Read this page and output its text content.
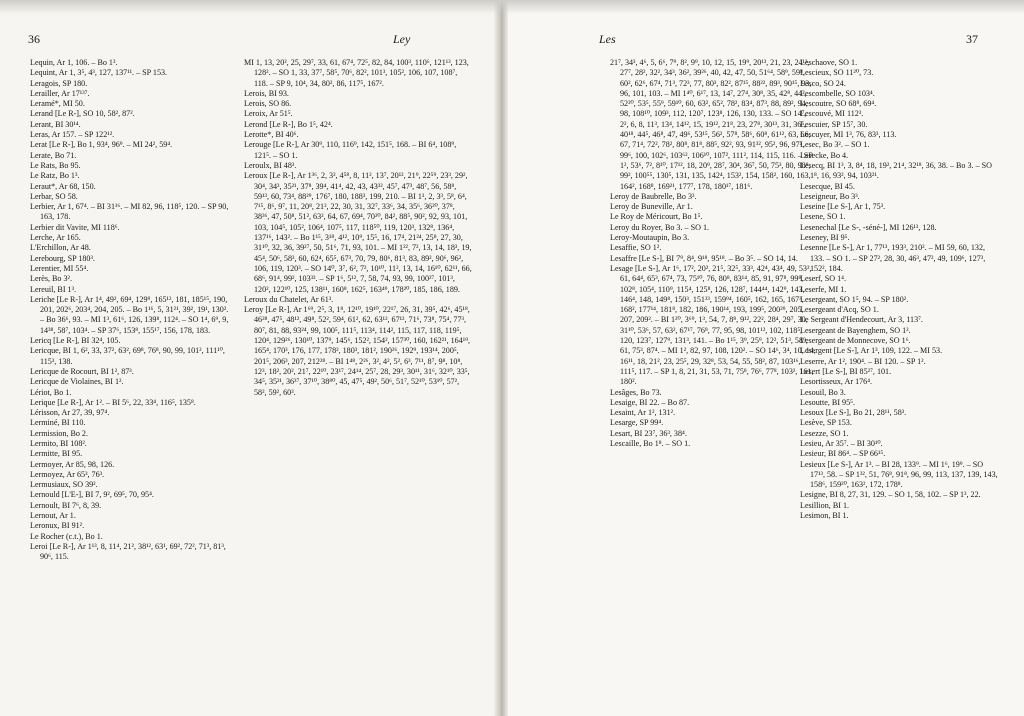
36	Ley
Lequin, Ar 1, 106. – Bo 1³.
Lequint, Ar 1, 3⁵, 4³, 127, 137¹¹. – SP 153.
Leragois, SP 180.
Lerailler, Ar 17¹³⁷.
Leramé*, MI 50.
Lerand [Le R-], SO 10, 58², 87².
Lerant, BI 30¹⁴.
Leras, Ar 157. – SP 122¹².
Lerat [Le R-], Bo 1, 93⁴, 96⁹. – MI 24², 59⁴.
Lerate, Bo 71.
Le Rats, Bo 95.
Le Ratz, Bo 1³.
Leraut*, Ar 68, 150.
Lerbar, SO 58.
Lerbier, Ar 1, 67⁴. – BI 31¹⁶. – MI 82, 96, 118⁵, 120. – SP 90, 163, 178.
Lerbier dit Vavite, MI 118⁶.
Lerche, Ar 165.
L'Erchillon, Ar 48.
Lerebourg, SP 180³.
Lerentier, MI 55⁴.
Lerès, Bo 3².
Lereuil, BI 1³.
Leriche [Le R-], Ar 1⁴, 49², 69⁴, 129⁹, 165¹², 181, 185¹⁵, 190, 201, 202⁶, 203⁴, 204, 205. – Bo 1¹⁶, 5, 31²¹, 39², 19¹, 130². – Bo 36⁶, 93. – MI 1³, 61⁶, 126, 139⁸, 112⁴. – SO 1⁴, 6⁹, 9, 14³⁸, 58⁷, 103⁴. – SP 37⁶, 153⁸, 155¹⁷, 156, 178, 183.
Lericq [Le R-], BI 32⁴, 105.
Lericque, BI 1, 6², 33, 37², 63², 69⁸, 76⁸, 90, 99, 101², 111¹⁰, 115³, 138.
Lericque de Rocourt, BI 1², 87³.
Lericque de Violaines, BI 1².
Lériot, Bo 1.
Lerique [Le R-], Ar 1². – BI 5⁶, 22, 33⁴, 116⁵, 135⁸.
Lérisson, Ar 27, 39, 97⁴.
Lerminé, BI 110.
Lermission, Bo 2.
Lermito, BI 108².
Lermitte, BI 95.
Lermoyer, Ar 85, 98, 126.
Lermoyez, Ar 65³, 76³.
Lermusiaux, SO 39².
Lernould [L'E-], BI 7, 9², 69⁵, 70, 95⁴.
Lernoult, BI 7⁶, 8, 39.
Lernout, Ar 1.
Leronux, BI 91².
Le Rocher (c.t.), Bo 1.
Leroi [Le R-], Ar 1¹³, 8, 11⁴, 21², 38¹², 63¹, 69², 72², 71³, 81³, 90⁶, 115.
MI 1, 13, 20², 25, 29⁷, 33, 61, 67⁴, 72⁵, 82, 84, 100³, 110⁶, 121¹³, 123, 128². – SO 1, 33, 37⁷, 58⁵, 70⁶, 82², 101³, 105², 106, 107, 108⁷, 118. – SP 9, 10⁴, 34, 80², 86, 117⁵, 167².
Lerois, BI 93.
Lerois, SO 86.
Leroix, Ar 51⁵.
Lerond [Le R-], Bo 1⁵, 42⁴.
Lerotte*, BI 40⁶.
Lerouge [Le R-], Ar 30⁹, 110, 116⁹, 142, 151⁵, 168. – BI 6⁴, 108⁹, 121⁵. – SO 1.
Leroulx, BI 48³.
Leroux [Le R-], Ar 1³⁶, 2, 3², 4⁵⁸, 8, 11², 13⁷, 20¹², 21⁹, 22⁵⁹, 23³, 29², 30⁴, 34³, 35²¹, 37⁸, 39⁴, 41⁴, 42, 43, 43³², 45⁷, 47³, 48⁷, 56, 58⁸, 59¹³, 60, 73⁴, 88²⁹, 176⁷, 180, 188³, 199, 210. – BI 1³, 2, 3³, 5⁸, 6⁴, 7¹⁵, 8⁶, 9⁷, 11, 20⁸, 21², 22, 30, 31, 32⁷, 33⁶, 34, 35⁶, 36²⁰, 37⁸, 38³⁶, 47, 50⁸, 51², 63², 64, 67, 69⁴, 70²⁰, 84², 88⁵, 90², 92, 93, 101, 103, 104⁵, 105², 106⁴, 107⁵, 117, 118⁵⁰, 119, 120³, 132⁸, 136⁴, 137¹⁶, 143². – Bo 1¹⁵, 3¹⁸, 4¹², 10⁹, 15⁵, 16, 17⁴, 21²⁴, 25⁸, 27, 30, 31¹⁰, 32, 36, 39²⁷, 50, 51⁶, 71, 93, 101. – MI 1²², 7², 13, 14, 18³, 19, 45⁴, 50⁶, 58³, 60, 62⁴, 65⁵, 67³, 70, 79, 80⁶, 81³, 83, 89², 90⁶, 96², 106, 119, 120³. – SO 14⁰, 3⁷, 6², 7², 10¹⁰, 11², 13, 14, 16¹⁰, 62¹¹, 66, 68⁶, 91⁴, 99², 103³³. – SP 1⁶, 5¹², 7, 58, 74, 93, 99, 100²⁷, 101³, 120², 122¹⁰, 125, 138¹¹, 160⁸, 162⁵, 163⁴⁹, 178²⁰, 185, 186, 189.
Leroux du Chatelet, Ar 61³.
Leroy [Le R-], Ar 1⁶⁹, 2⁵, 3, 1⁸, 12¹⁰, 19¹⁰, 22¹⁷, 26, 31, 39⁵, 42⁶, 45¹⁸, 46²⁸, 47⁵, 48¹², 49⁸, 52², 59⁴, 61², 62, 63¹², 67¹², 71⁶, 73⁸, 75⁴, 77³, 80⁷, 81, 88, 93²⁴, 99, 100⁵, 111⁵, 113⁴, 114², 115, 117, 118, 119⁵, 120⁴, 129²⁶, 130¹⁰, 137⁹, 145⁶, 152², 154², 157³⁰, 160, 162²¹, 164¹⁹, 165⁴, 170³, 176, 177, 178², 180³, 181², 190²⁶, 192⁹, 193¹⁴, 200⁵, 201⁵, 206³, 207, 212²⁸. – BI 1⁴⁸, 2²⁶, 3², 4², 5², 6³, 7¹¹, 8⁷, 9⁸, 10⁸, 12³, 18², 20², 21⁷, 22¹⁰, 23¹⁷, 24¹⁴, 25⁷, 28, 29³, 30¹¹, 31⁶, 32¹⁰, 33⁵, 34⁵, 35²¹, 36³⁷, 37¹⁰, 38⁸⁰, 45, 47⁵, 49², 50⁶, 51⁷, 52¹⁰, 53¹⁰, 57², 58², 59², 60³.
Les	37
21⁷, 34³, 4⁶, 5, 6⁶, 7⁹, 8², 9⁹, 10, 12, 15, 19⁹, 20¹³, 21, 23, 24¹³, 27⁷, 28², 32², 34³, 36², 39²⁶, 40, 42, 47, 50, 51⁶⁴, 58⁹, 59⁸, 60², 62⁶, 67⁴, 71³, 72³, 77, 80³, 82², 87¹⁵, 88²², 89³, 90¹⁵, 93, 96, 101, 103. – MI 1⁴⁰, 6¹⁷, 13, 14⁷, 27⁴, 30⁸, 35, 42⁸, 44², 52²⁰, 53⁵, 55⁹, 59¹⁰, 60, 63², 65², 78², 83⁴, 87³, 88, 89², 94, 98, 108¹⁰, 109³, 112, 120⁷, 123⁸, 126, 130, 133. – SO 14⁷, 2², 6, 8, 11³, 13⁴, 14¹², 15, 19¹², 21⁸, 23, 27⁸, 30¹³, 31, 36⁵, 40¹⁸, 44⁵, 46⁸, 47, 49⁶, 53¹⁵, 56², 57⁸, 58⁶, 60⁸, 61¹², 63, 66, 67, 71⁴, 72², 78², 80⁸, 81⁸, 88⁵, 92², 93, 91³², 95², 96, 97⁵, 99⁶, 100, 102⁶, 103⁶², 106¹⁰, 107², 111², 114, 115, 116. – SP 1², 53⁶, 7², 8¹⁰, 17¹², 18, 20⁹, 28⁷, 30⁴, 36⁷, 50, 75³, 80, 98⁸, 99², 100⁵⁵, 130⁵, 131, 135, 142⁴, 153², 154, 158², 160, 163, 164², 168⁸, 169²¹, 177⁷, 178, 180¹⁷, 181⁶.
Leroy de Baubrelle, Bo 3³.
Leroy de Buneville, Ar 1.
Le Roy de Méricourt, Bo 1⁵.
Leroy du Royer, Bo 3. – SO 1.
Leroy-Moutaupin, Bo 3.
Lesaffie, SO 1².
Lesaffre [Le S-], BI 7⁹, 8⁴, 9¹⁸, 95¹⁸. – Bo 3⁵. – SO 14, 14.
Lesage [Le S-], Ar 1⁶, 17², 20², 21⁵, 32⁵, 33³, 42⁴, 43⁴, 49, 53², 61, 64⁴, 65³, 67⁴, 73, 75¹⁰, 76, 80⁸, 83¹⁴, 85, 91, 97⁸, 99⁸, 102⁸, 105⁴, 110⁹, 115⁴, 125⁸, 126, 128⁷, 144⁴⁴, 142⁹, 143, 146⁴, 148, 149⁸, 150³, 151²³, 159⁹⁴, 160⁵, 162, 165, 167³, 168², 177¹⁴, 181⁸, 182, 186, 190¹⁴, 193, 199⁵, 200²⁹, 205, 207, 209². – BI 1²⁰, 3⁶⁹, 1³, 54, 7, 8⁸, 9¹², 22², 28⁴, 29⁷, 30, 31¹⁰, 53⁶, 57, 63², 67¹⁷, 76⁸, 77, 95, 98, 101¹², 102, 118⁵, 120, 123⁷, 127⁹, 131³, 141. – Bo 1¹⁵, 3⁹, 25⁹, 12², 51³, 58⁹, 61, 75³, 87⁴. – MI 1², 82, 97, 108, 120². – SO 14⁶, 3⁴, 10, 14, 16¹¹, 18, 21², 23, 25⁵, 29, 32⁸, 53, 54, 55, 58², 87, 103¹⁶, 111⁵, 117. – SP 1, 8, 21, 31, 53, 71, 75⁸, 76⁶, 77⁸, 103², 161, 180².
Lesâges, Bo 73.
Lesaige, BI 22. – Bo 87.
Lesaint, Ar 1², 131².
Lesarge, SP 99⁴.
Lesart, BI 23⁷, 36³, 38⁴.
Lescaille, Bo 1⁸. – SO 1.
Leschaove, SO 1.
Lescieux, SO 11²⁰, 73.
Lesco, SO 24.
Lescombelle, SO 103⁴.
Lescoutre, SO 68⁸, 69⁴.
Lescouvé, MI 112³.
Lescuier, SP 15⁷, 30.
Lescuyer, MI 1³, 76, 83³, 113.
Lesec, Bo 3². – SO 1.
Lesecke, Bo 4.
Lesecq, BI 1³, 3, 8⁴, 18, 19², 21⁴, 32¹⁸, 36, 38. – Bo 3. – SO 1⁸, 16, 93², 94, 103²¹.
Lesecque, BI 45.
Leseigneur, Bo 3³.
Leseine [Le S-], Ar 1, 75³.
Lesene, SO 1.
Lesenechal [Le S-, -séné-], MI 126¹³, 128.
Leseney, BI 9⁵.
Lesenne [Le S-], Ar 1, 77¹³, 193³, 210². – MI 59, 60, 132, 133. – SO 1. – SP 27², 28, 30, 46³, 47², 49, 109⁶, 127³, 152², 184.
Leserf, SO 1⁴.
Leserfe, MI 1.
Lesergeant, SO 1⁵, 94. – SP 180².
Lesergeant d'Acq, SO 1.
Le Sergeant d'Hendecourt, Ar 3, 113⁷.
Lesergeant de Bayenghem, SO 1².
Lesergeant de Monnecove, SO 1⁶.
Lesergent [Le S-], Ar 1³, 109, 122. – MI 53.
Leserre, Ar 1², 190⁴. – BI 120. – SP 1².
Lesert [Le S-], BI 85²⁷, 101.
Lesortisseux, Ar 176⁴.
Lesouil, Bo 3.
Lesoutte, BI 95⁵.
Lesoux [Le S-], Bo 21, 28¹¹, 58³.
Lesève, SP 153.
Lesezze, SO 1.
Lesieu, Ar 35⁷. – BI 30¹⁰.
Lesieur, BI 86⁴. – SP 66¹⁵.
Lesieux [Le S-], Ar 1³. – BI 28, 133⁹. – MI 1⁶, 19⁹. – SO 17¹³, 58. – SP 1³², 51, 76⁸, 91⁸, 96, 99, 113, 137, 139, 143, 158⁶, 159²⁰, 163², 172, 178⁸.
Lesigne, BI 8, 27, 31, 129. – SO 1, 58, 102. – SP 1³, 22.
Lesillion, BI 1.
Lesimon, BI 1.
